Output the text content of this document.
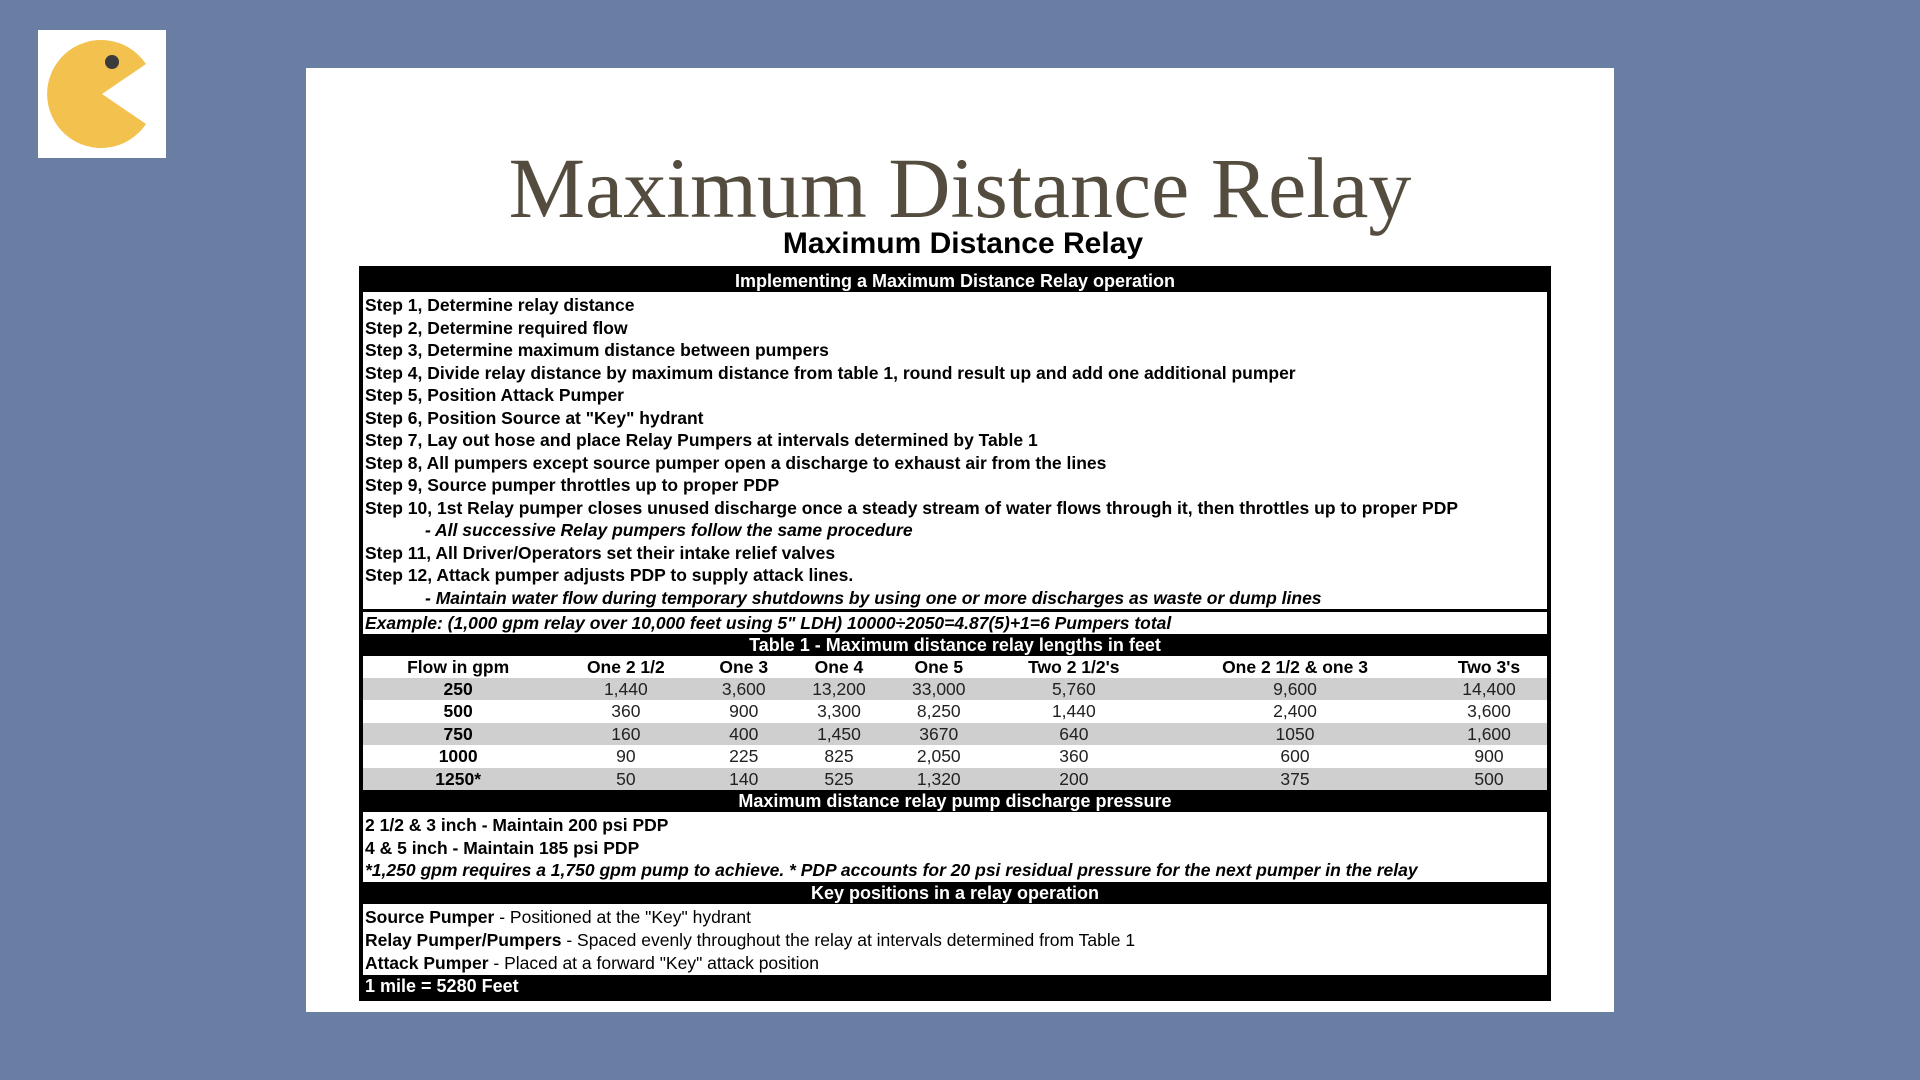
Maximum Distance Relay
Maximum Distance Relay
Implementing a Maximum Distance Relay operation
Step 1, Determine relay distance
Step 2, Determine required flow
Step 3, Determine maximum distance between pumpers
Step 4, Divide relay distance by maximum distance from table 1, round result up and add one additional pumper
Step 5, Position Attack Pumper
Step 6, Position Source at "Key" hydrant
Step 7, Lay out hose and place Relay Pumpers at intervals determined by Table 1
Step 8, All pumpers except source pumper open a discharge to exhaust air from the lines
Step 9, Source pumper throttles up to proper PDP
Step 10, 1st Relay pumper closes unused discharge once a steady stream of water flows through it, then throttles up to proper PDP
- All successive Relay pumpers follow the same procedure
Step 11, All Driver/Operators set their intake relief valves
Step 12, Attack pumper adjusts PDP to supply attack lines.
- Maintain water flow during temporary shutdowns by using one or more discharges as waste or dump lines
Example: (1,000 gpm relay over 10,000 feet using 5" LDH) 10000÷2050=4.87(5)+1=6 Pumpers total
Table 1 - Maximum distance relay lengths in feet
Flow in gpm	One 2 1/2	One 3	One 4	One 5	Two 2 1/2's	One 2 1/2 & one 3	Two 3's
250	1,440	3,600	13,200	33,000	5,760	9,600	14,400
500	360	900	3,300	8,250	1,440	2,400	3,600
750	160	400	1,450	3670	640	1050	1,600
1000	90	225	825	2,050	360	600	900
1250*	50	140	525	1,320	200	375	500
Maximum distance relay pump discharge pressure
2 1/2 & 3 inch - Maintain 200 psi PDP
4 & 5 inch - Maintain 185 psi PDP
*1,250 gpm requires a 1,750 gpm pump to achieve. * PDP accounts for 20 psi residual pressure for the next pumper in the relay
Key positions in a relay operation
Source Pumper - Positioned at the "Key" hydrant
Relay Pumper/Pumpers - Spaced evenly throughout the relay at intervals determined from Table 1
Attack Pumper - Placed at a forward "Key" attack position
1 mile = 5280 Feet
